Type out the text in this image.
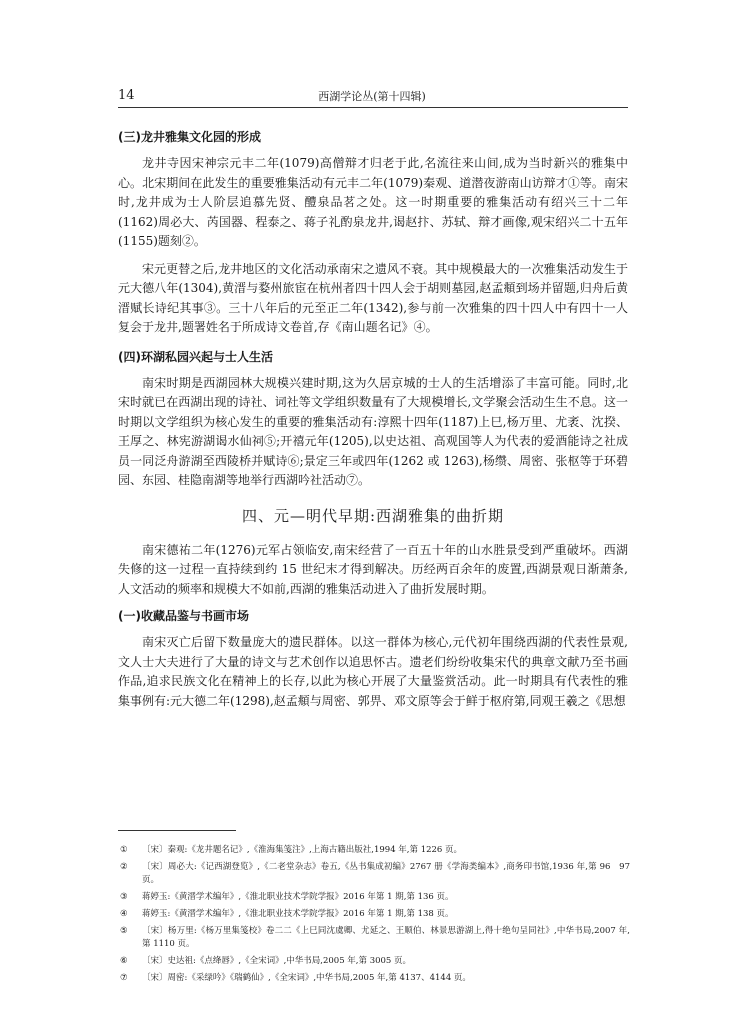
14	西湖学论丛(第十四辑)
(三)龙井雅集文化园的形成

龙井寺因宋神宗元丰二年(1079)高僧辩才归老于此,名流往来山间,成为当时新兴的雅集中心。北宋期间在此发生的重要雅集活动有元丰二年(1079)秦观、道潜夜游南山访辩才①等。南宋时,龙井成为士人阶层追慕先贤、醴泉品茗之处。这一时期重要的雅集活动有绍兴三十二年(1162)周必大、芮国器、程泰之、蒋子礼酌泉龙井,谒赵抃、苏轼、辩才画像,观宋绍兴二十五年(1155)题刻②。

宋元更替之后,龙井地区的文化活动承南宋之遗风不衰。其中规模最大的一次雅集活动发生于元大德八年(1304),黄溍与婺州旅宦在杭州者四十四人会于胡则墓园,赵孟頫到场并留题,归舟后黄溍赋长诗纪其事③。三十八年后的元至正二年(1342),参与前一次雅集的四十四人中有四十一人复会于龙井,题署姓名于所成诗文卷首,存《南山题名记》④。

(四)环湖私园兴起与士人生活

南宋时期是西湖园林大规模兴建时期,这为久居京城的士人的生活增添了丰富可能。同时,北宋时就已在西湖出现的诗社、词社等文学组织数量有了大规模增长,文学聚会活动生生不息。这一时期以文学组织为核心发生的重要的雅集活动有:淳熙十四年(1187)上巳,杨万里、尤袤、沈揆、王厚之、林宪游湖谒水仙祠⑤;开禧元年(1205),以史达祖、高观国等人为代表的爱酒能诗之社成员一同泛舟游湖至西陵桥并赋诗⑥;景定三年或四年(1262 或 1263),杨缵、周密、张枢等于环碧园、东园、桂隐南湖等地举行西湖吟社活动⑦。

四、元—明代早期:西湖雅集的曲折期

南宋德祐二年(1276)元军占领临安,南宋经营了一百五十年的山水胜景受到严重破坏。西湖失修的这一过程一直持续到约 15 世纪末才得到解决。历经两百余年的废置,西湖景观日渐萧条,人文活动的频率和规模大不如前,西湖的雅集活动进入了曲折发展时期。

(一)收藏品鉴与书画市场

南宋灭亡后留下数量庞大的遗民群体。以这一群体为核心,元代初年围绕西湖的代表性景观,文人士大夫进行了大量的诗文与艺术创作以追思怀古。遗老们纷纷收集宋代的典章文献乃至书画作品,追求民族文化在精神上的长存,以此为核心开展了大量鉴赏活动。此一时期具有代表性的雅集事例有:元大德二年(1298),赵孟頫与周密、郭畀、邓文原等会于鲜于枢府第,同观王羲之《思想

①	〔宋〕秦观:《龙井题名记》,《淮海集笺注》,上海古籍出版社,1994 年,第 1226 页。
②	〔宋〕周必大:《记西湖登览》,《二老堂杂志》卷五,《丛书集成初编》2767 册《学海类编本》,商务印书馆,1936 年,第 96　97 页。
③	蒋婷玉:《黄溍学术编年》,《淮北职业技术学院学报》2016 年第 1 期,第 136 页。
④	蒋婷玉:《黄溍学术编年》,《淮北职业技术学院学报》2016 年第 1 期,第 138 页。
⑤	〔宋〕杨万里:《杨万里集笺校》卷二二《上巳同沈虞卿、尤延之、王顺伯、林景思游湖上,得十绝句呈同社》,中华书局,2007 年,第 1110 页。
⑥	〔宋〕史达祖:《点绛唇》,《全宋词》,中华书局,2005 年,第 3005 页。
⑦	〔宋〕周密:《采绿吟》《瑞鹤仙》,《全宋词》,中华书局,2005 年,第 4137、4144 页。
